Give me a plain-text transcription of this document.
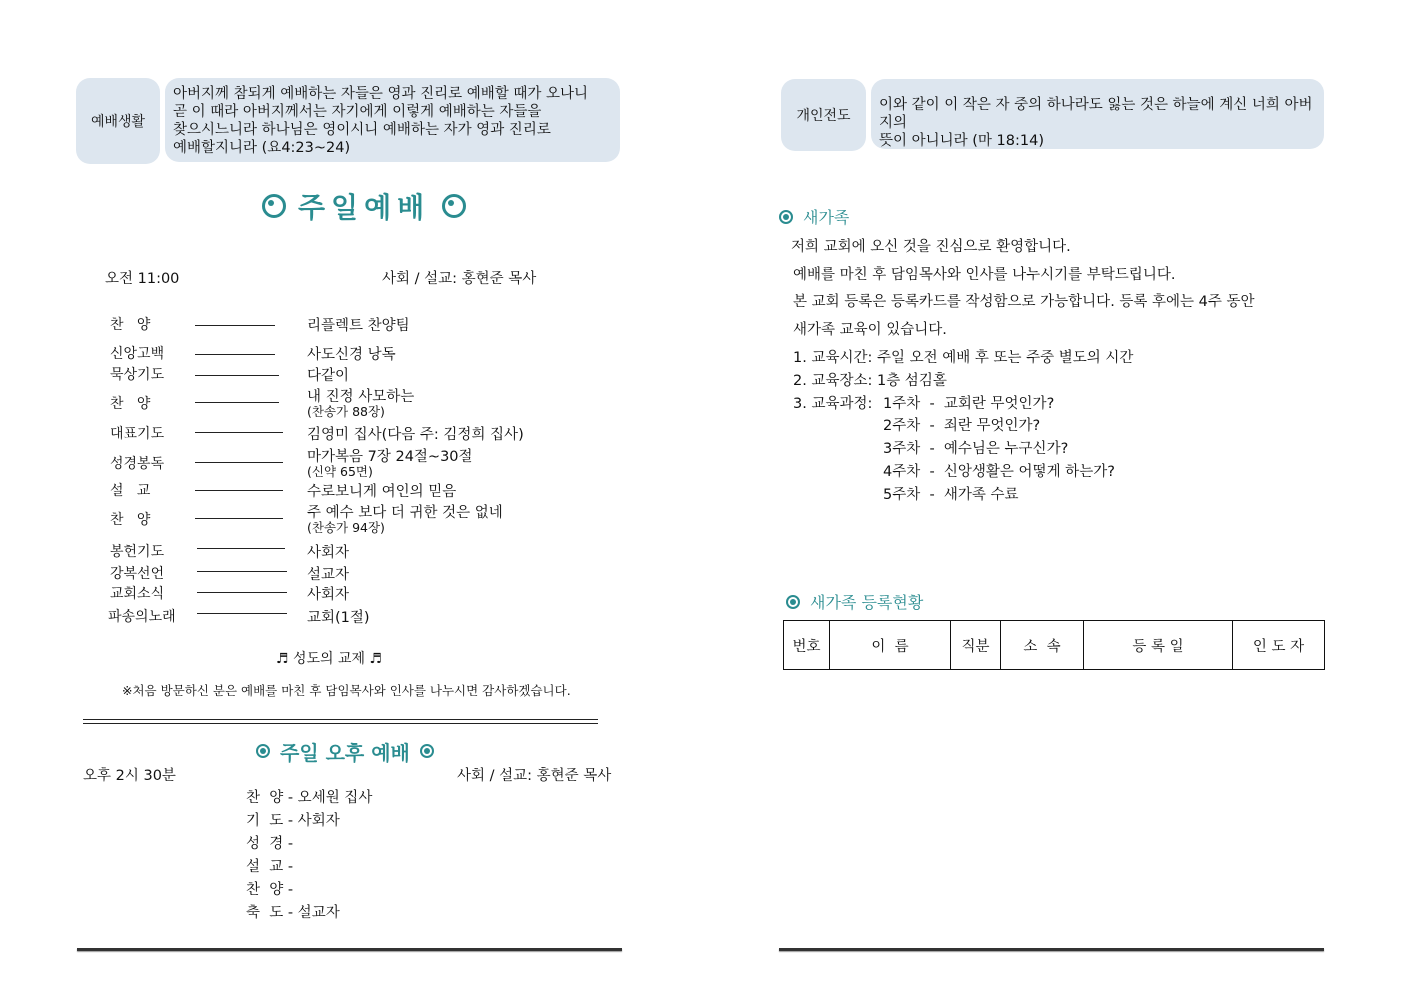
예배생활
아버지께 참되게 예배하는 자들은 영과 진리로 예배할 때가 오나니
곧 이 때라 아버지께서는 자기에게 이렇게 예배하는 자들을
찾으시느니라 하나님은 영이시니 예배하는 자가 영과 진리로
예배할지니라 (요4:23~24)
주일예배
오전 11:00	사회 / 설교: 홍현준 목사
찬   양	리플렉트 찬양팀
신앙고백	사도신경 낭독
묵상기도	다같이
찬   양	내 진정 사모하는
(찬송가 88장)
대표기도	김영미 집사(다음 주: 김정희 집사)
성경봉독	마가복음 7장 24절~30절
(신약 65면)
설   교	수로보니게 여인의 믿음
찬   양	주 예수 보다 더 귀한 것은 없네
(찬송가 94장)
봉헌기도	사회자
강복선언	설교자
교회소식	사회자
파송의노래	교회(1절)
♬ 성도의 교제 ♬
※처음 방문하신 분은 예배를 마친 후 담임목사와 인사를 나누시면 감사하겠습니다.
주일 오후 예배
오후 2시 30분	사회 / 설교: 홍현준 목사
찬  양 - 오세원 집사
기  도 - 사회자
성  경 -
설  교 -
찬  양 -
축  도 - 설교자
개인전도
이와 같이 이 작은 자 중의 하나라도 잃는 것은 하늘에 계신 너희 아버지의
뜻이 아니니라 (마 18:14)
새가족
저희 교회에 오신 것을 진심으로 환영합니다.
예배를 마친 후 담임목사와 인사를 나누시기를 부탁드립니다.
본 교회 등록은 등록카드를 작성함으로 가능합니다. 등록 후에는 4주 동안
새가족 교육이 있습니다.
1. 교육시간: 주일 오전 예배 후 또는 주중 별도의 시간
2. 교육장소: 1층 섬김홀
3. 교육과정: 1주차  -  교회란 무엇인가?
2주차  -  죄란 무엇인가?
3주차  -  예수님은 누구신가?
4주차  -  신앙생활은 어떻게 하는가?
5주차  -  새가족 수료
새가족 등록현황
번호	이  름	직분	소  속	등 록 일	인 도 자
